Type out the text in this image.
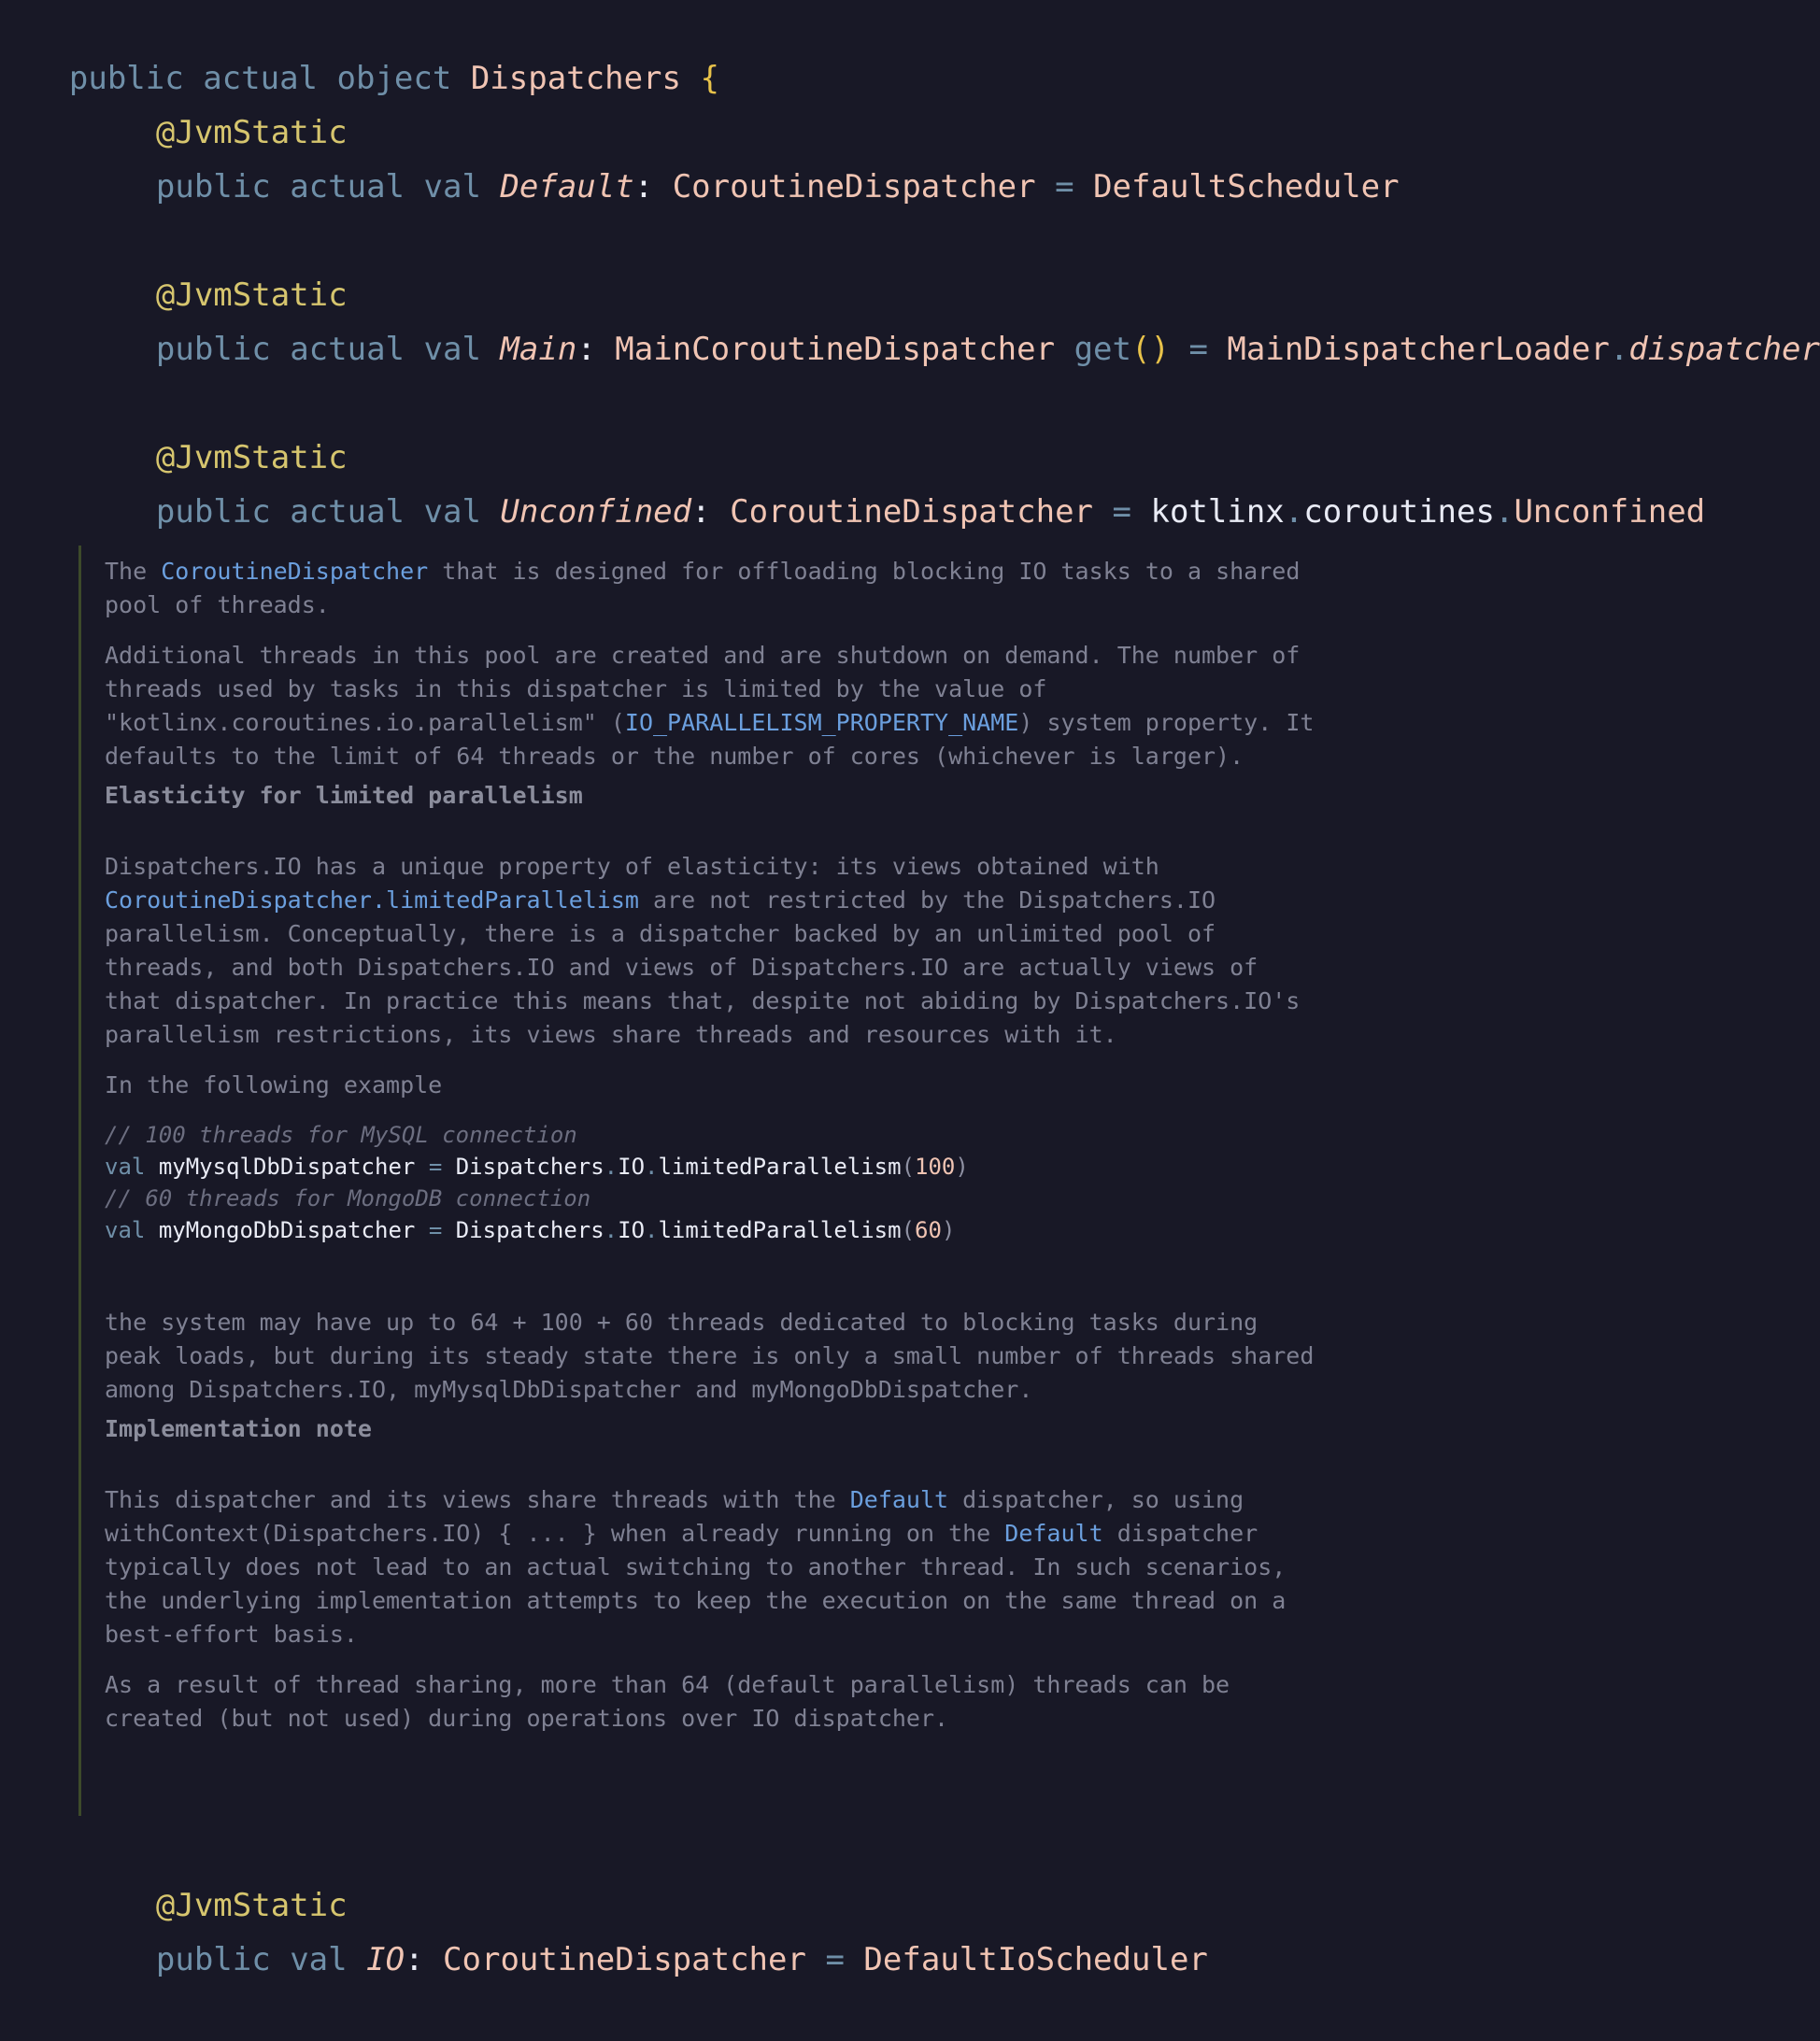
public actual object Dispatchers {

@JvmStatic

public actual val Default: CoroutineDispatcher = DefaultScheduler

@JvmStatic

public actual val Main: MainCoroutineDispatcher get() = MainDispatcherLoader.dispatcher

@JvmStatic

public actual val Unconfined: CoroutineDispatcher = kotlinx.coroutines.Unconfined

The CoroutineDispatcher that is designed for offloading blocking IO tasks to a shared pool of threads.

Additional threads in this pool are created and are shutdown on demand. The number of threads used by tasks in this dispatcher is limited by the value of "kotlinx.coroutines.io.parallelism" (IO_PARALLELISM_PROPERTY_NAME) system property. It defaults to the limit of 64 threads or the number of cores (whichever is larger).

Elasticity for limited parallelism

Dispatchers.IO has a unique property of elasticity: its views obtained with CoroutineDispatcher.limitedParallelism are not restricted by the Dispatchers.IO parallelism. Conceptually, there is a dispatcher backed by an unlimited pool of threads, and both Dispatchers.IO and views of Dispatchers.IO are actually views of that dispatcher. In practice this means that, despite not abiding by Dispatchers.IO's parallelism restrictions, its views share threads and resources with it.

In the following example

// 100 threads for MySQL connection
val myMysqlDbDispatcher = Dispatchers.IO.limitedParallelism(100)
// 60 threads for MongoDB connection
val myMongoDbDispatcher = Dispatchers.IO.limitedParallelism(60)

the system may have up to 64 + 100 + 60 threads dedicated to blocking tasks during peak loads, but during its steady state there is only a small number of threads shared among Dispatchers.IO, myMysqlDbDispatcher and myMongoDbDispatcher.

Implementation note

This dispatcher and its views share threads with the Default dispatcher, so using withContext(Dispatchers.IO) { ... } when already running on the Default dispatcher typically does not lead to an actual switching to another thread. In such scenarios, the underlying implementation attempts to keep the execution on the same thread on a best-effort basis.

As a result of thread sharing, more than 64 (default parallelism) threads can be created (but not used) during operations over IO dispatcher.

@JvmStatic

public val IO: CoroutineDispatcher = DefaultIoScheduler
